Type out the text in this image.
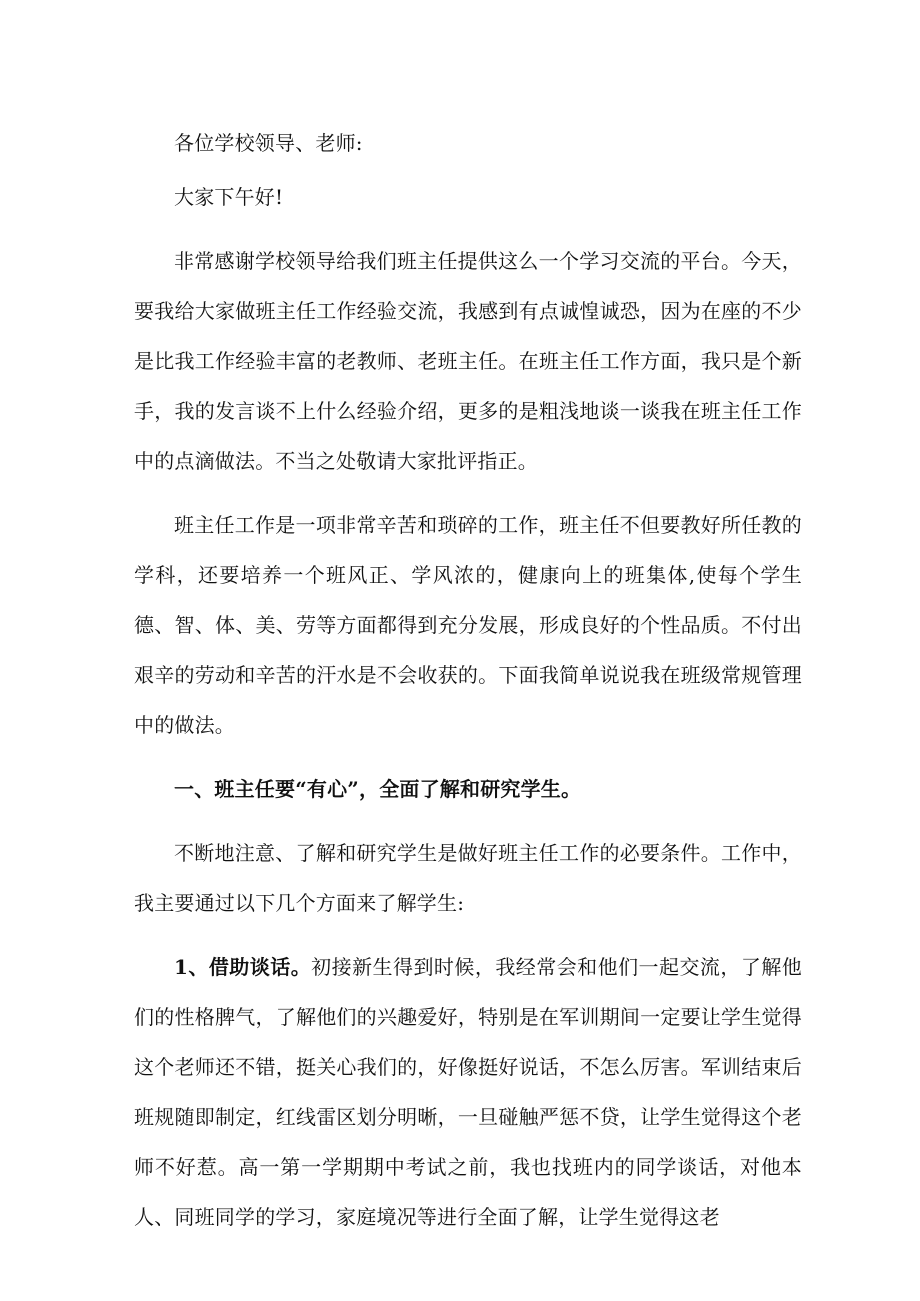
各位学校领导、老师:

大家下午好!

非常感谢学校领导给我们班主任提供这么一个学习交流的平台。今天，要我给大家做班主任工作经验交流，我感到有点诚惶诚恐，因为在座的不少是比我工作经验丰富的老教师、老班主任。在班主任工作方面，我只是个新手，我的发言谈不上什么经验介绍，更多的是粗浅地谈一谈我在班主任工作中的点滴做法。不当之处敬请大家批评指正。

班主任工作是一项非常辛苦和琐碎的工作，班主任不但要教好所任教的学科，还要培养一个班风正、学风浓的，健康向上的班集体,使每个学生德、智、体、美、劳等方面都得到充分发展，形成良好的个性品质。不付出艰辛的劳动和辛苦的汗水是不会收获的。下面我简单说说我在班级常规管理中的做法。

一、班主任要“有心”，全面了解和研究学生。

不断地注意、了解和研究学生是做好班主任工作的必要条件。工作中，我主要通过以下几个方面来了解学生:

1、借助谈话。初接新生得到时候，我经常会和他们一起交流，了解他们的性格脾气，了解他们的兴趣爱好，特别是在军训期间一定要让学生觉得这个老师还不错，挺关心我们的，好像挺好说话，不怎么厉害。军训结束后班规随即制定，红线雷区划分明晰，一旦碰触严惩不贷，让学生觉得这个老师不好惹。高一第一学期期中考试之前，我也找班内的同学谈话，对他本人、同班同学的学习，家庭境况等进行全面了解，让学生觉得这老
